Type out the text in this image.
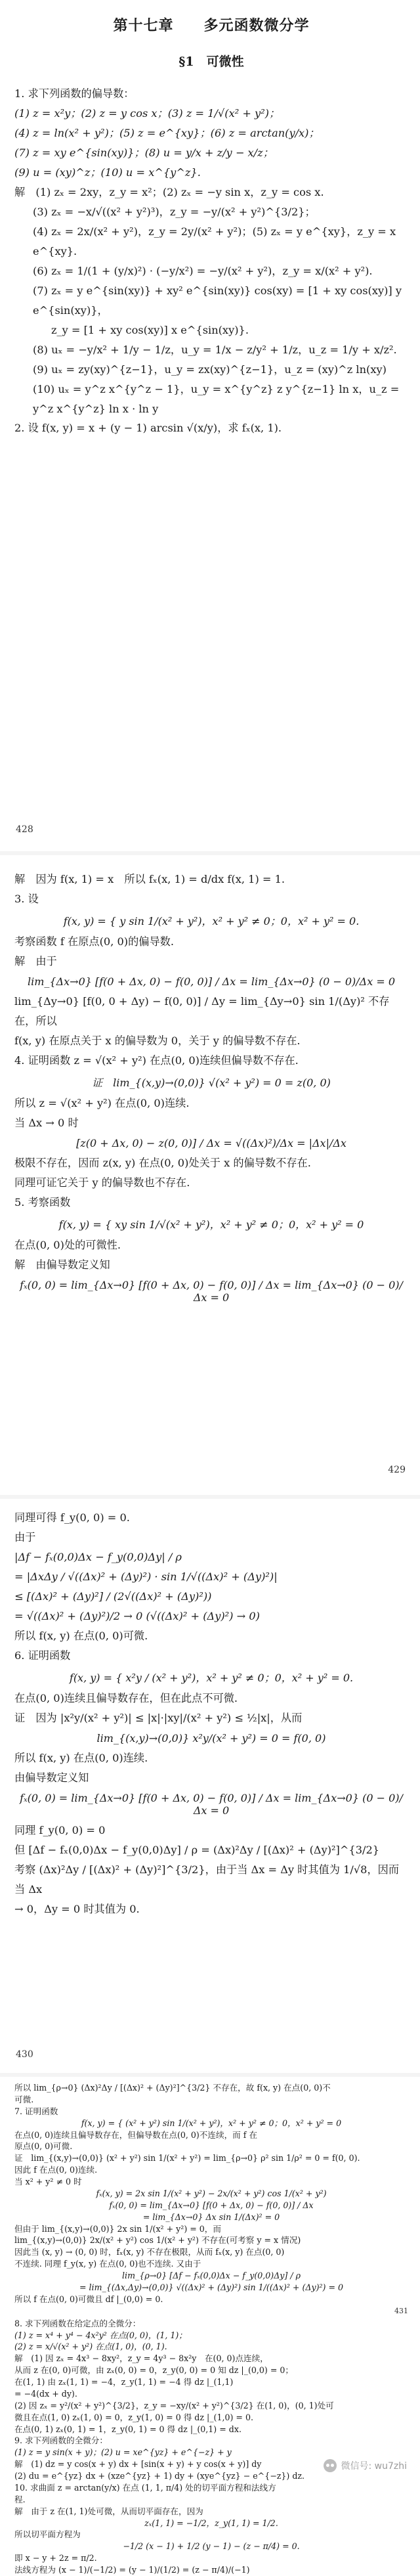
第十七章　　多元函数微分学
§1　可微性
1. 求下列函数的偏导数：
(1) z = x²y；(2) z = y cos x；(3) z = 1/√(x² + y²)；
(4) z = ln(x² + y²)；(5) z = e^{xy}；(6) z = arctan(y/x)；
(7) z = xy e^{sin(xy)}；(8) u = y/x + z/y − x/z；
(9) u = (xy)^z；(10) u = x^{y^z}.
解　(1) zₓ = 2xy，z_y = x²；(2) zₓ = −y sin x，z_y = cos x.
(3) zₓ = −x/√((x² + y²)³)，z_y = −y/(x² + y²)^{3/2}；
(4) zₓ = 2x/(x² + y²)，z_y = 2y/(x² + y²)；(5) zₓ = y e^{xy}，z_y = x e^{xy}.
(6) zₓ = 1/(1 + (y/x)²) · (−y/x²) = −y/(x² + y²)，z_y = x/(x² + y²).
(7) zₓ = y e^{sin(xy)} + xy² e^{sin(xy)} cos(xy) = [1 + xy cos(xy)] y e^{sin(xy)}，
z_y = [1 + xy cos(xy)] x e^{sin(xy)}.
(8) uₓ = −y/x² + 1/y − 1/z，u_y = 1/x − z/y² + 1/z，u_z = 1/y + x/z².
(9) uₓ = zy(xy)^{z−1}，u_y = zx(xy)^{z−1}，u_z = (xy)^z ln(xy)
(10) uₓ = y^z x^{y^z − 1}，u_y = x^{y^z} z y^{z−1} ln x，u_z = y^z x^{y^z} ln x · ln y
2. 设 f(x, y) = x + (y − 1) arcsin √(x/y)，求 fₓ(x, 1).
428
解　因为 f(x, 1) = x　所以 fₓ(x, 1) = d/dx f(x, 1) = 1.
3. 设
f(x, y) = { y sin 1/(x² + y²)，x² + y² ≠ 0；0，x² + y² = 0.
考察函数 f 在原点(0, 0)的偏导数.
解　由于
lim_{Δx→0} [f(0 + Δx, 0) − f(0, 0)] / Δx = lim_{Δx→0} (0 − 0)/Δx = 0
lim_{Δy→0} [f(0, 0 + Δy) − f(0, 0)] / Δy = lim_{Δy→0} sin 1/(Δy)² 不存在，所以
f(x, y) 在原点关于 x 的偏导数为 0，关于 y 的偏导数不存在.
4. 证明函数 z = √(x² + y²) 在点(0, 0)连续但偏导数不存在.
证　lim_{(x,y)→(0,0)} √(x² + y²) = 0 = z(0, 0)
所以 z = √(x² + y²) 在点(0, 0)连续.
当 Δx → 0 时
[z(0 + Δx, 0) − z(0, 0)] / Δx = √((Δx)²)/Δx = |Δx|/Δx
极限不存在，因而 z(x, y) 在点(0, 0)处关于 x 的偏导数不存在.
同理可证它关于 y 的偏导数也不存在.
5. 考察函数
f(x, y) = { xy sin 1/√(x² + y²)，x² + y² ≠ 0；0，x² + y² = 0
在点(0, 0)处的可微性.
解　由偏导数定义知
fₓ(0, 0) = lim_{Δx→0} [f(0 + Δx, 0) − f(0, 0)] / Δx = lim_{Δx→0} (0 − 0)/Δx = 0
429
同理可得 f_y(0, 0) = 0.
由于
|Δf − fₓ(0,0)Δx − f_y(0,0)Δy| / ρ
= |ΔxΔy / √((Δx)² + (Δy)²) · sin 1/√((Δx)² + (Δy)²)|
≤ [(Δx)² + (Δy)²] / (2√((Δx)² + (Δy)²))
= √((Δx)² + (Δy)²)/2 → 0 (√((Δx)² + (Δy)²) → 0)
所以 f(x, y) 在点(0, 0)可微.
6. 证明函数
f(x, y) = { x²y / (x² + y²)，x² + y² ≠ 0；0，x² + y² = 0.
在点(0, 0)连续且偏导数存在，但在此点不可微.
证　因为 |x²y/(x² + y²)| ≤ |x|·|xy|/(x² + y²) ≤ ½|x|，从而
lim_{(x,y)→(0,0)} x²y/(x² + y²) = 0 = f(0, 0)
所以 f(x, y) 在点(0, 0)连续.
由偏导数定义知
fₓ(0, 0) = lim_{Δx→0} [f(0 + Δx, 0) − f(0, 0)] / Δx = lim_{Δx→0} (0 − 0)/Δx = 0
同理 f_y(0, 0) = 0
但 [Δf − fₓ(0,0)Δx − f_y(0,0)Δy] / ρ = (Δx)²Δy / [(Δx)² + (Δy)²]^{3/2}
考察 (Δx)²Δy / [(Δx)² + (Δy)²]^{3/2}，由于当 Δx = Δy 时其值为 1/√8，因而当 Δx
→ 0，Δy = 0 时其值为 0.
430
所以 lim_{ρ→0} (Δx)²Δy / [(Δx)² + (Δy)²]^{3/2} 不存在，故 f(x, y) 在点(0, 0)不
可微.
7. 证明函数
f(x, y) = { (x² + y²) sin 1/(x² + y²)，x² + y² ≠ 0；0，x² + y² = 0
在点(0, 0)连续且偏导数存在，但偏导数在点(0, 0)不连续，而 f 在
原点(0, 0)可微.
证　lim_{(x,y)→(0,0)} (x² + y²) sin 1/(x² + y²) = lim_{ρ→0} ρ² sin 1/ρ² = 0 = f(0, 0).
因此 f 在点(0, 0)连续.
当 x² + y² ≠ 0 时
fₓ(x, y) = 2x sin 1/(x² + y²) − 2x/(x² + y²) cos 1/(x² + y²)
fₓ(0, 0) = lim_{Δx→0} [f(0 + Δx, 0) − f(0, 0)] / Δx
= lim_{Δx→0} Δx sin 1/(Δx)² = 0
但由于 lim_{(x,y)→(0,0)} 2x sin 1/(x² + y²) = 0，而
lim_{(x,y)→(0,0)} 2x/(x² + y²) cos 1/(x² + y²) 不存在(可考察 y = x 情况)
因此当 (x, y) → (0, 0) 时，fₓ(x, y) 不存在极限，从而 fₓ(x, y) 在点(0, 0)
不连续. 同理 f_y(x, y) 在点(0, 0)也不连续. 又由于
lim_{ρ→0} [Δf − fₓ(0,0)Δx − f_y(0,0)Δy] / ρ
= lim_{(Δx,Δy)→(0,0)} √((Δx)² + (Δy)²) sin 1/((Δx)² + (Δy)²) = 0
所以 f 在点(0, 0)可微且 df |_(0,0) = 0.
431
8. 求下列函数在给定点的全微分：
(1) z = x⁴ + y⁴ − 4x²y² 在点(0, 0)，(1, 1)；
(2) z = x/√(x² + y²) 在点(1, 0)，(0, 1).
解　(1) 因 zₓ = 4x³ − 8xy²，z_y = 4y³ − 8x²y　在(0, 0)点连续，
从而 z 在(0, 0)可微，由 zₓ(0, 0) = 0，z_y(0, 0) = 0 知 dz |_(0,0) = 0；
在(1, 1) 由 zₓ(1, 1) = −4，z_y(1, 1) = −4 得 dz |_(1,1)
= −4(dx + dy).
(2) 因 zₓ = y²/(x² + y²)^{3/2}，z_y = −xy/(x² + y²)^{3/2} 在(1, 0)，(0, 1)处可
微且在点(1, 0) zₓ(1, 0) = 0，z_y(1, 0) = 0 得 dz |_(1,0) = 0.
在点(0, 1) zₓ(0, 1) = 1，z_y(0, 1) = 0 得 dz |_(0,1) = dx.
9. 求下列函数的全微分：
(1) z = y sin(x + y)；(2) u = xe^{yz} + e^{−z} + y
解　(1) dz = y cos(x + y) dx + [sin(x + y) + y cos(x + y)] dy
(2) du = e^{yz} dx + (xze^{yz} + 1) dy + (xye^{yz} − e^{−z}) dz.
10. 求曲面 z = arctan(y/x) 在点 (1, 1, π/4) 处的切平面方程和法线方
程.
解　由于 z 在(1, 1)处可微，从而切平面存在，因为
zₓ(1, 1) = −1/2，z_y(1, 1) = 1/2.
所以切平面方程为
−1/2 (x − 1) + 1/2 (y − 1) − (z − π/4) = 0.
即 x − y + 2z = π/2.
法线方程为 (x − 1)/(−1/2) = (y − 1)/(1/2) = (z − π/4)/(−1)
微信号: wu7zhi
